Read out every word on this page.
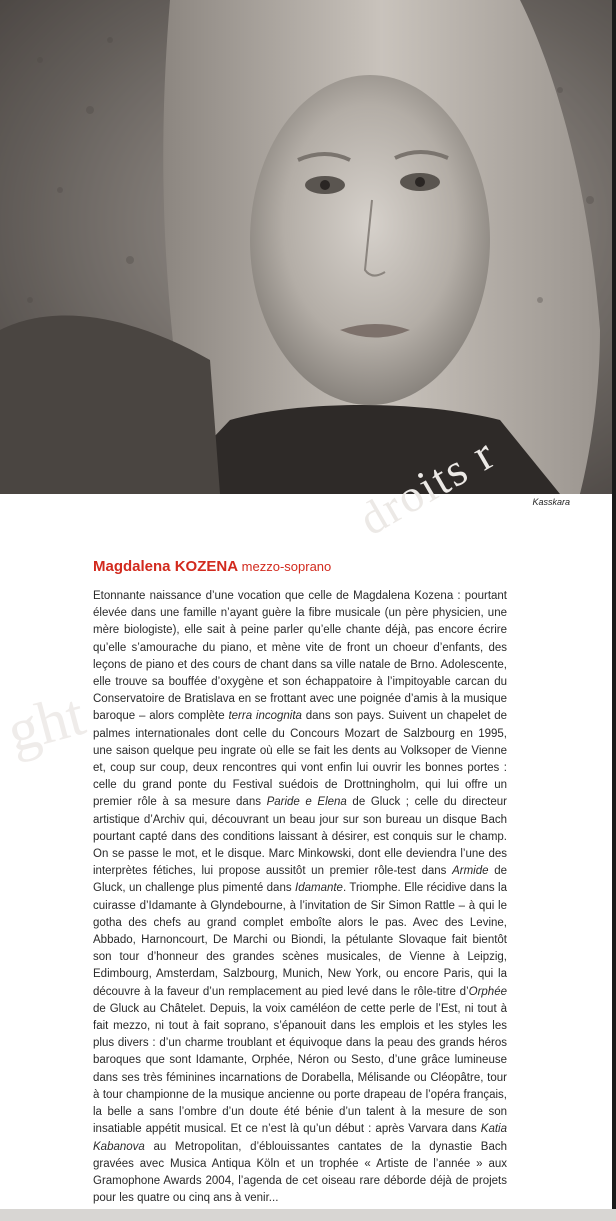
Kasskara
droits r
ght
Magdalena KOZENA mezzo-soprano

Etonnante naissance d’une vocation que celle de Magdalena Kozena : pourtant élevée dans une famille n’ayant guère la fibre musicale (un père physicien, une mère biologiste), elle sait à peine parler qu’elle chante déjà, pas encore écrire qu’elle s’amourache du piano, et mène vite de front un choeur d’enfants, des leçons de piano et des cours de chant dans sa ville natale de Brno. Adolescente, elle trouve sa bouffée d’oxygène et son échappatoire à l’impitoyable carcan du Conservatoire de Bratislava en se frottant avec une poignée d’amis à la musique baroque – alors complète terra incognita dans son pays. Suivent un chapelet de palmes internationales dont celle du Concours Mozart de Salzbourg en 1995, une saison quelque peu ingrate où elle se fait les dents au Volksoper de Vienne et, coup sur coup, deux rencontres qui vont enfin lui ouvrir les bonnes portes : celle du grand ponte du Festival suédois de Drottningholm, qui lui offre un premier rôle à sa mesure dans Paride e Elena de Gluck ; celle du directeur artistique d’Archiv qui, découvrant un beau jour sur son bureau un disque Bach pourtant capté dans des conditions laissant à désirer, est conquis sur le champ. On se passe le mot, et le disque. Marc Minkowski, dont elle deviendra l’une des interprètes fétiches, lui propose aussitôt un premier rôle-test dans Armide de Gluck, un challenge plus pimenté dans Idamante. Triomphe. Elle récidive dans la cuirasse d’Idamante à Glyndebourne, à l’invitation de Sir Simon Rattle – à qui le gotha des chefs au grand complet emboîte alors le pas. Avec des Levine, Abbado, Harnoncourt, De Marchi ou Biondi, la pétulante Slovaque fait bientôt son tour d’honneur des grandes scènes musicales, de Vienne à Leipzig, Edimbourg, Amsterdam, Salzbourg, Munich, New York, ou encore Paris, qui la découvre à la faveur d’un remplacement au pied levé dans le rôle-titre d’Orphée de Gluck au Châtelet. Depuis, la voix caméléon de cette perle de l’Est, ni tout à fait mezzo, ni tout à fait soprano, s’épanouit dans les emplois et les styles les plus divers : d’un charme troublant et équivoque dans la peau des grands héros baroques que sont Idamante, Orphée, Néron ou Sesto, d’une grâce lumineuse dans ses très féminines incarnations de Dorabella, Mélisande ou Cléopâtre, tour à tour championne de la musique ancienne ou porte drapeau de l’opéra français, la belle a sans l’ombre d’un doute été bénie d’un talent à la mesure de son insatiable appétit musical. Et ce n’est là qu’un début : après Varvara dans Katia Kabanova au Metropolitan, d’éblouissantes cantates de la dynastie Bach gravées avec Musica Antiqua Köln et un trophée « Artiste de l’année » aux Gramophone Awards 2004, l’agenda de cet oiseau rare déborde déjà de projets pour les quatre ou cinq ans à venir...
